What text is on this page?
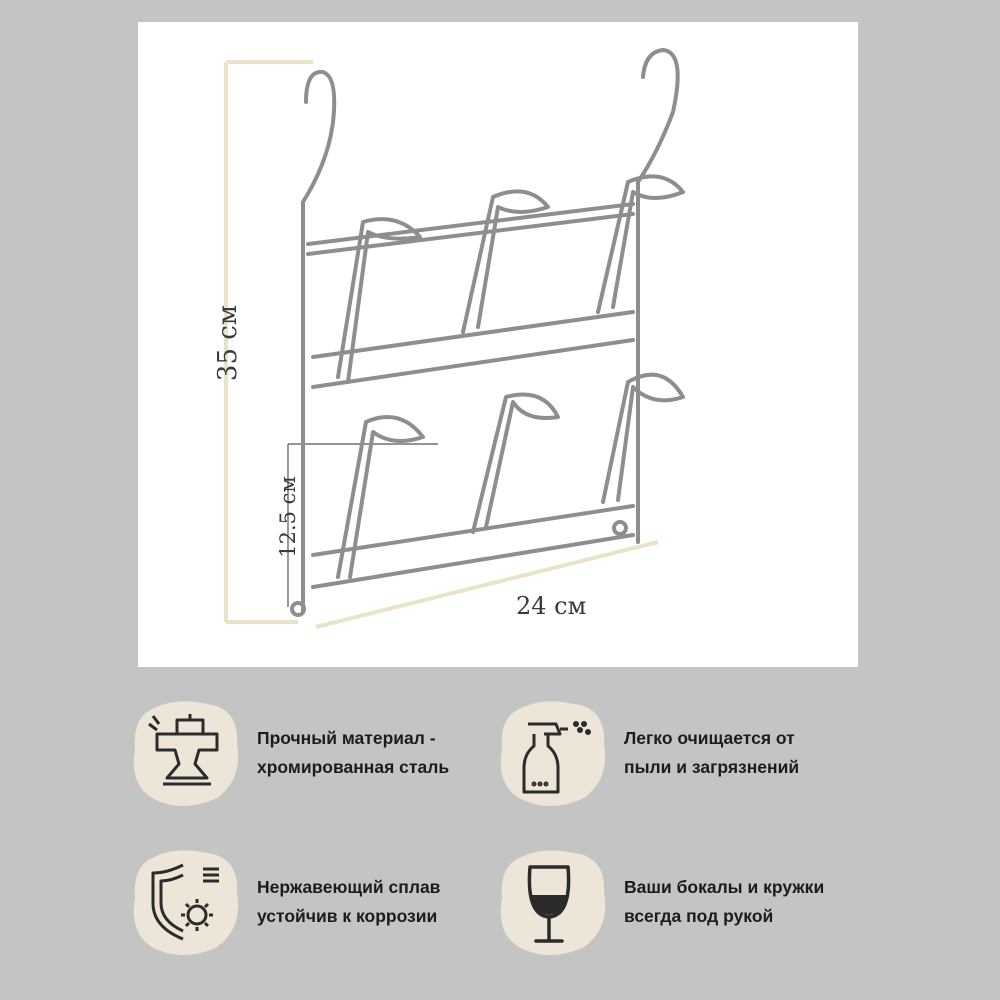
35 см
12.5 см
24 см
Прочный материал -
хромированная сталь
Легко очищается от
пыли и загрязнений
Нержавеющий сплав
устойчив к коррозии
Ваши бокалы и кружки
всегда под рукой
